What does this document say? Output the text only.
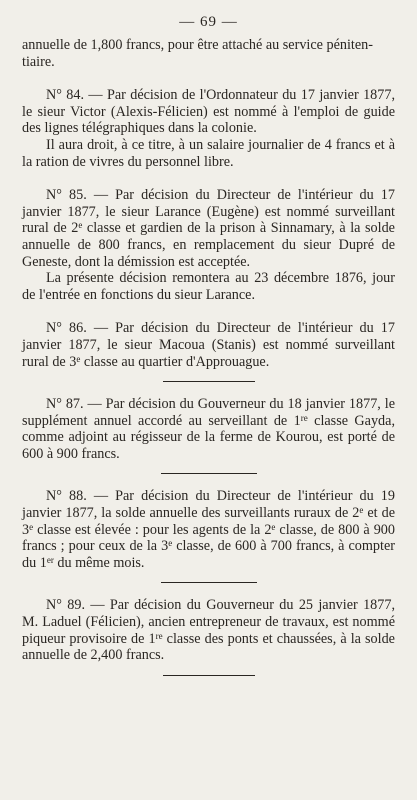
— 69 —

annuelle de 1,800 francs, pour être attaché au service péniten-

tiaire.

N° 84. — Par décision de l'Ordonnateur du 17 janvier 1877, le sieur Victor (Alexis-Félicien) est nommé à l'emploi de guide des lignes télégraphiques dans la colonie.

Il aura droit, à ce titre, à un salaire journalier de 4 francs et à la ration de vivres du personnel libre.

N° 85. — Par décision du Directeur de l'intérieur du 17 janvier 1877, le sieur Larance (Eugène) est nommé surveillant rural de 2e classe et gardien de la prison à Sinnamary, à la solde annuelle de 800 francs, en remplacement du sieur Dupré de Geneste, dont la démission est acceptée.

La présente décision remontera au 23 décembre 1876, jour de l'entrée en fonctions du sieur Larance.

N° 86. — Par décision du Directeur de l'intérieur du 17 janvier 1877, le sieur Macoua (Stanis) est nommé surveillant rural de 3e classe au quartier d'Approuague.

N° 87. — Par décision du Gouverneur du 18 janvier 1877, le supplément annuel accordé au serveillant de 1re classe Gayda, comme adjoint au régisseur de la ferme de Kourou, est porté de 600 à 900 francs.

N° 88. — Par décision du Directeur de l'intérieur du 19 janvier 1877, la solde annuelle des surveillants ruraux de 2e et de 3e classe est élevée : pour les agents de la 2e classe, de 800 à 900 francs ; pour ceux de la 3e classe, de 600 à 700 francs, à compter du 1er du même mois.

N° 89. — Par décision du Gouverneur du 25 janvier 1877, M. Laduel (Félicien), ancien entrepreneur de travaux, est nommé piqueur provisoire de 1re classe des ponts et chaussées, à la solde annuelle de 2,400 francs.
